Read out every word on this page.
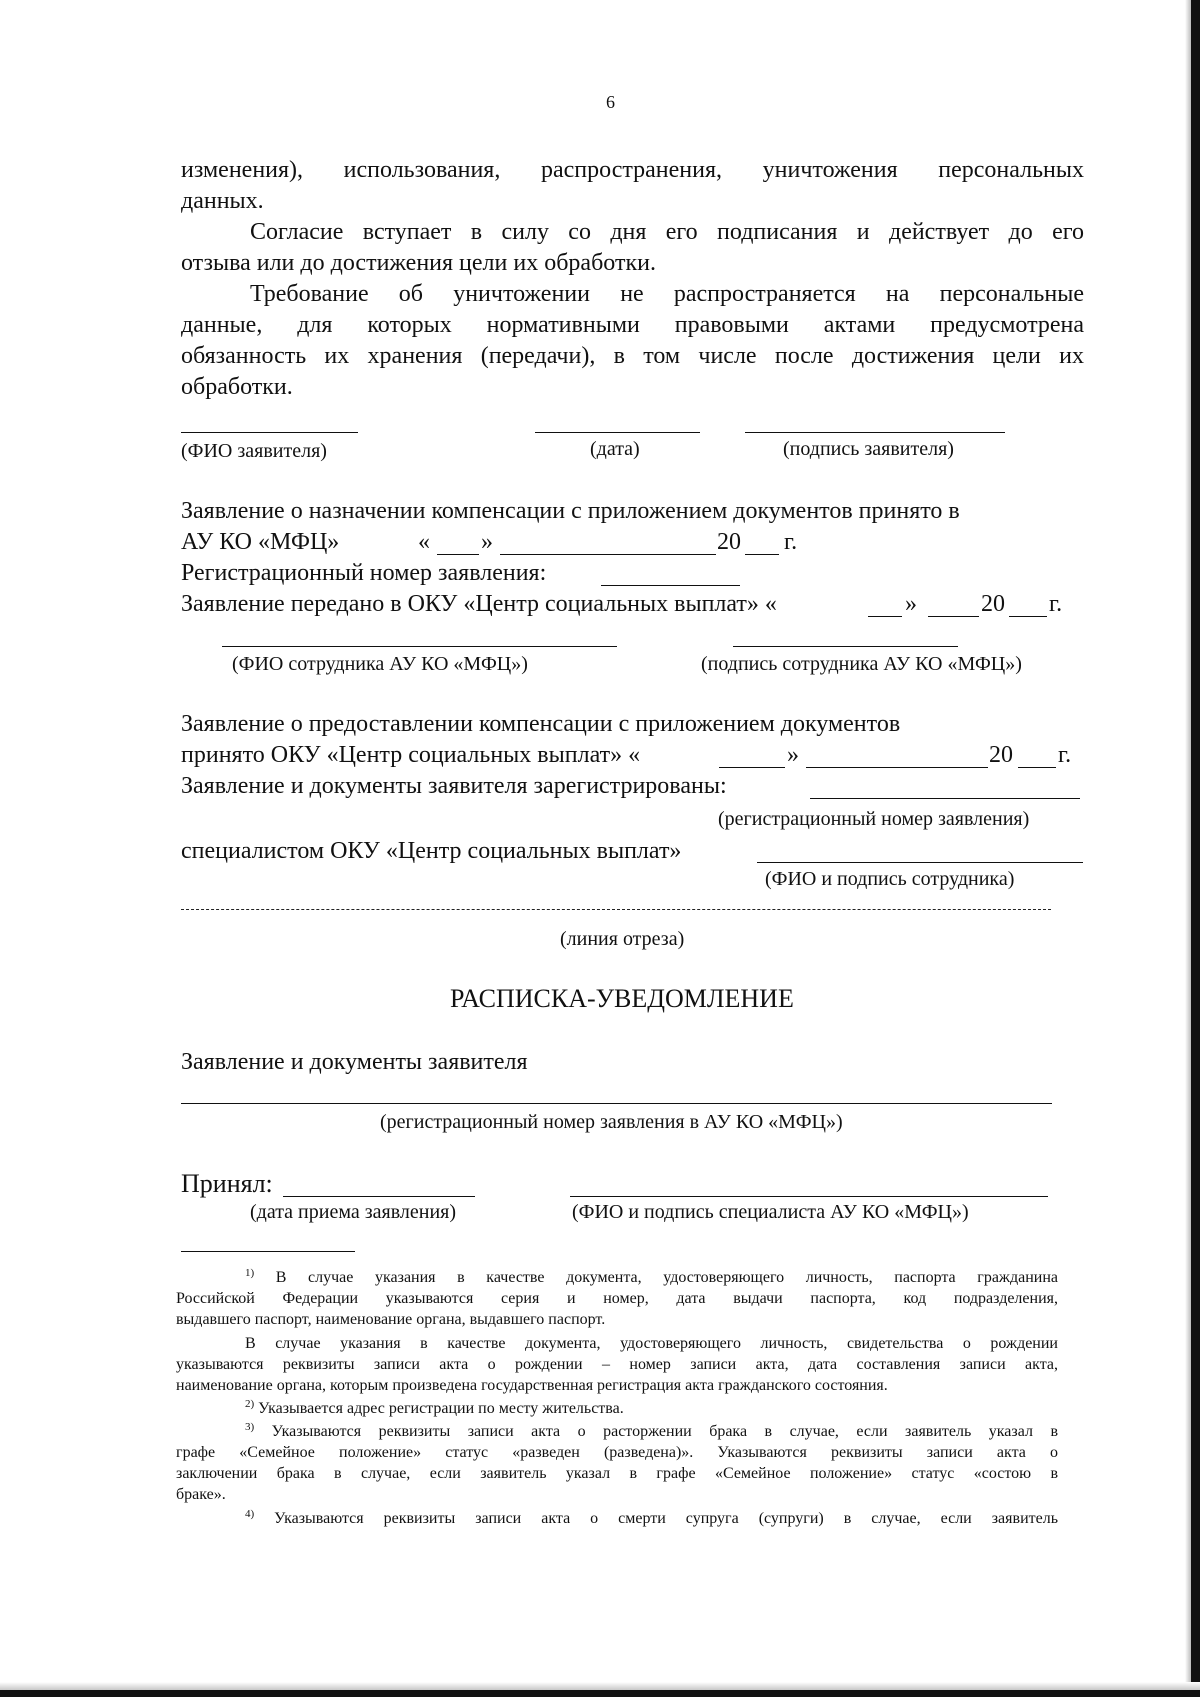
6
изменения), использования, распространения, уничтожения персональных
данных.
Согласие вступает в силу со дня его подписания и действует до его
отзыва или до достижения цели их обработки.
Требование об уничтожении не распространяется на персональные
данные, для которых нормативными правовыми актами предусмотрена
обязанность их хранения (передачи), в том числе после достижения цели их
обработки.
(ФИО заявителя)	(дата)	(подпись заявителя)
Заявление о назначении компенсации с приложением документов принято в
АУ КО «МФЦ»	« »	20 г.
Регистрационный номер заявления:
Заявление передано в ОКУ «Центр социальных выплат» «	»	20 г.
(ФИО сотрудника АУ КО «МФЦ»)	(подпись сотрудника АУ КО «МФЦ»)
Заявление о предоставлении компенсации с приложением документов
принято ОКУ «Центр социальных выплат» «	»	20 г.
Заявление и документы заявителя зарегистрированы:
(регистрационный номер заявления)
специалистом ОКУ «Центр социальных выплат»
(ФИО и подпись сотрудника)
(линия отреза)
РАСПИСКА-УВЕДОМЛЕНИЕ
Заявление и документы заявителя
(регистрационный номер заявления в АУ КО «МФЦ»)
Принял:
(дата приема заявления)	(ФИО и подпись специалиста АУ КО «МФЦ»)
$^{1)}$ В случае указания в качестве документа, удостоверяющего личность, паспорта гражданина
Российской Федерации указываются серия и номер, дата выдачи паспорта, код подразделения,
выдавшего паспорт, наименование органа, выдавшего паспорт.
В случае указания в качестве документа, удостоверяющего личность, свидетельства о рождении
указываются реквизиты записи акта о рождении – номер записи акта, дата составления записи акта,
наименование органа, которым произведена государственная регистрация акта гражданского состояния.
$^{2)}$ Указывается адрес регистрации по месту жительства.
$^{3)}$ Указываются реквизиты записи акта о расторжении брака в случае, если заявитель указал в
графе «Семейное положение» статус «разведен (разведена)». Указываются реквизиты записи акта о
заключении брака в случае, если заявитель указал в графе «Семейное положение» статус «состою в
браке».
$^{4)}$ Указываются реквизиты записи акта о смерти супруга (супруги) в случае, если заявитель
